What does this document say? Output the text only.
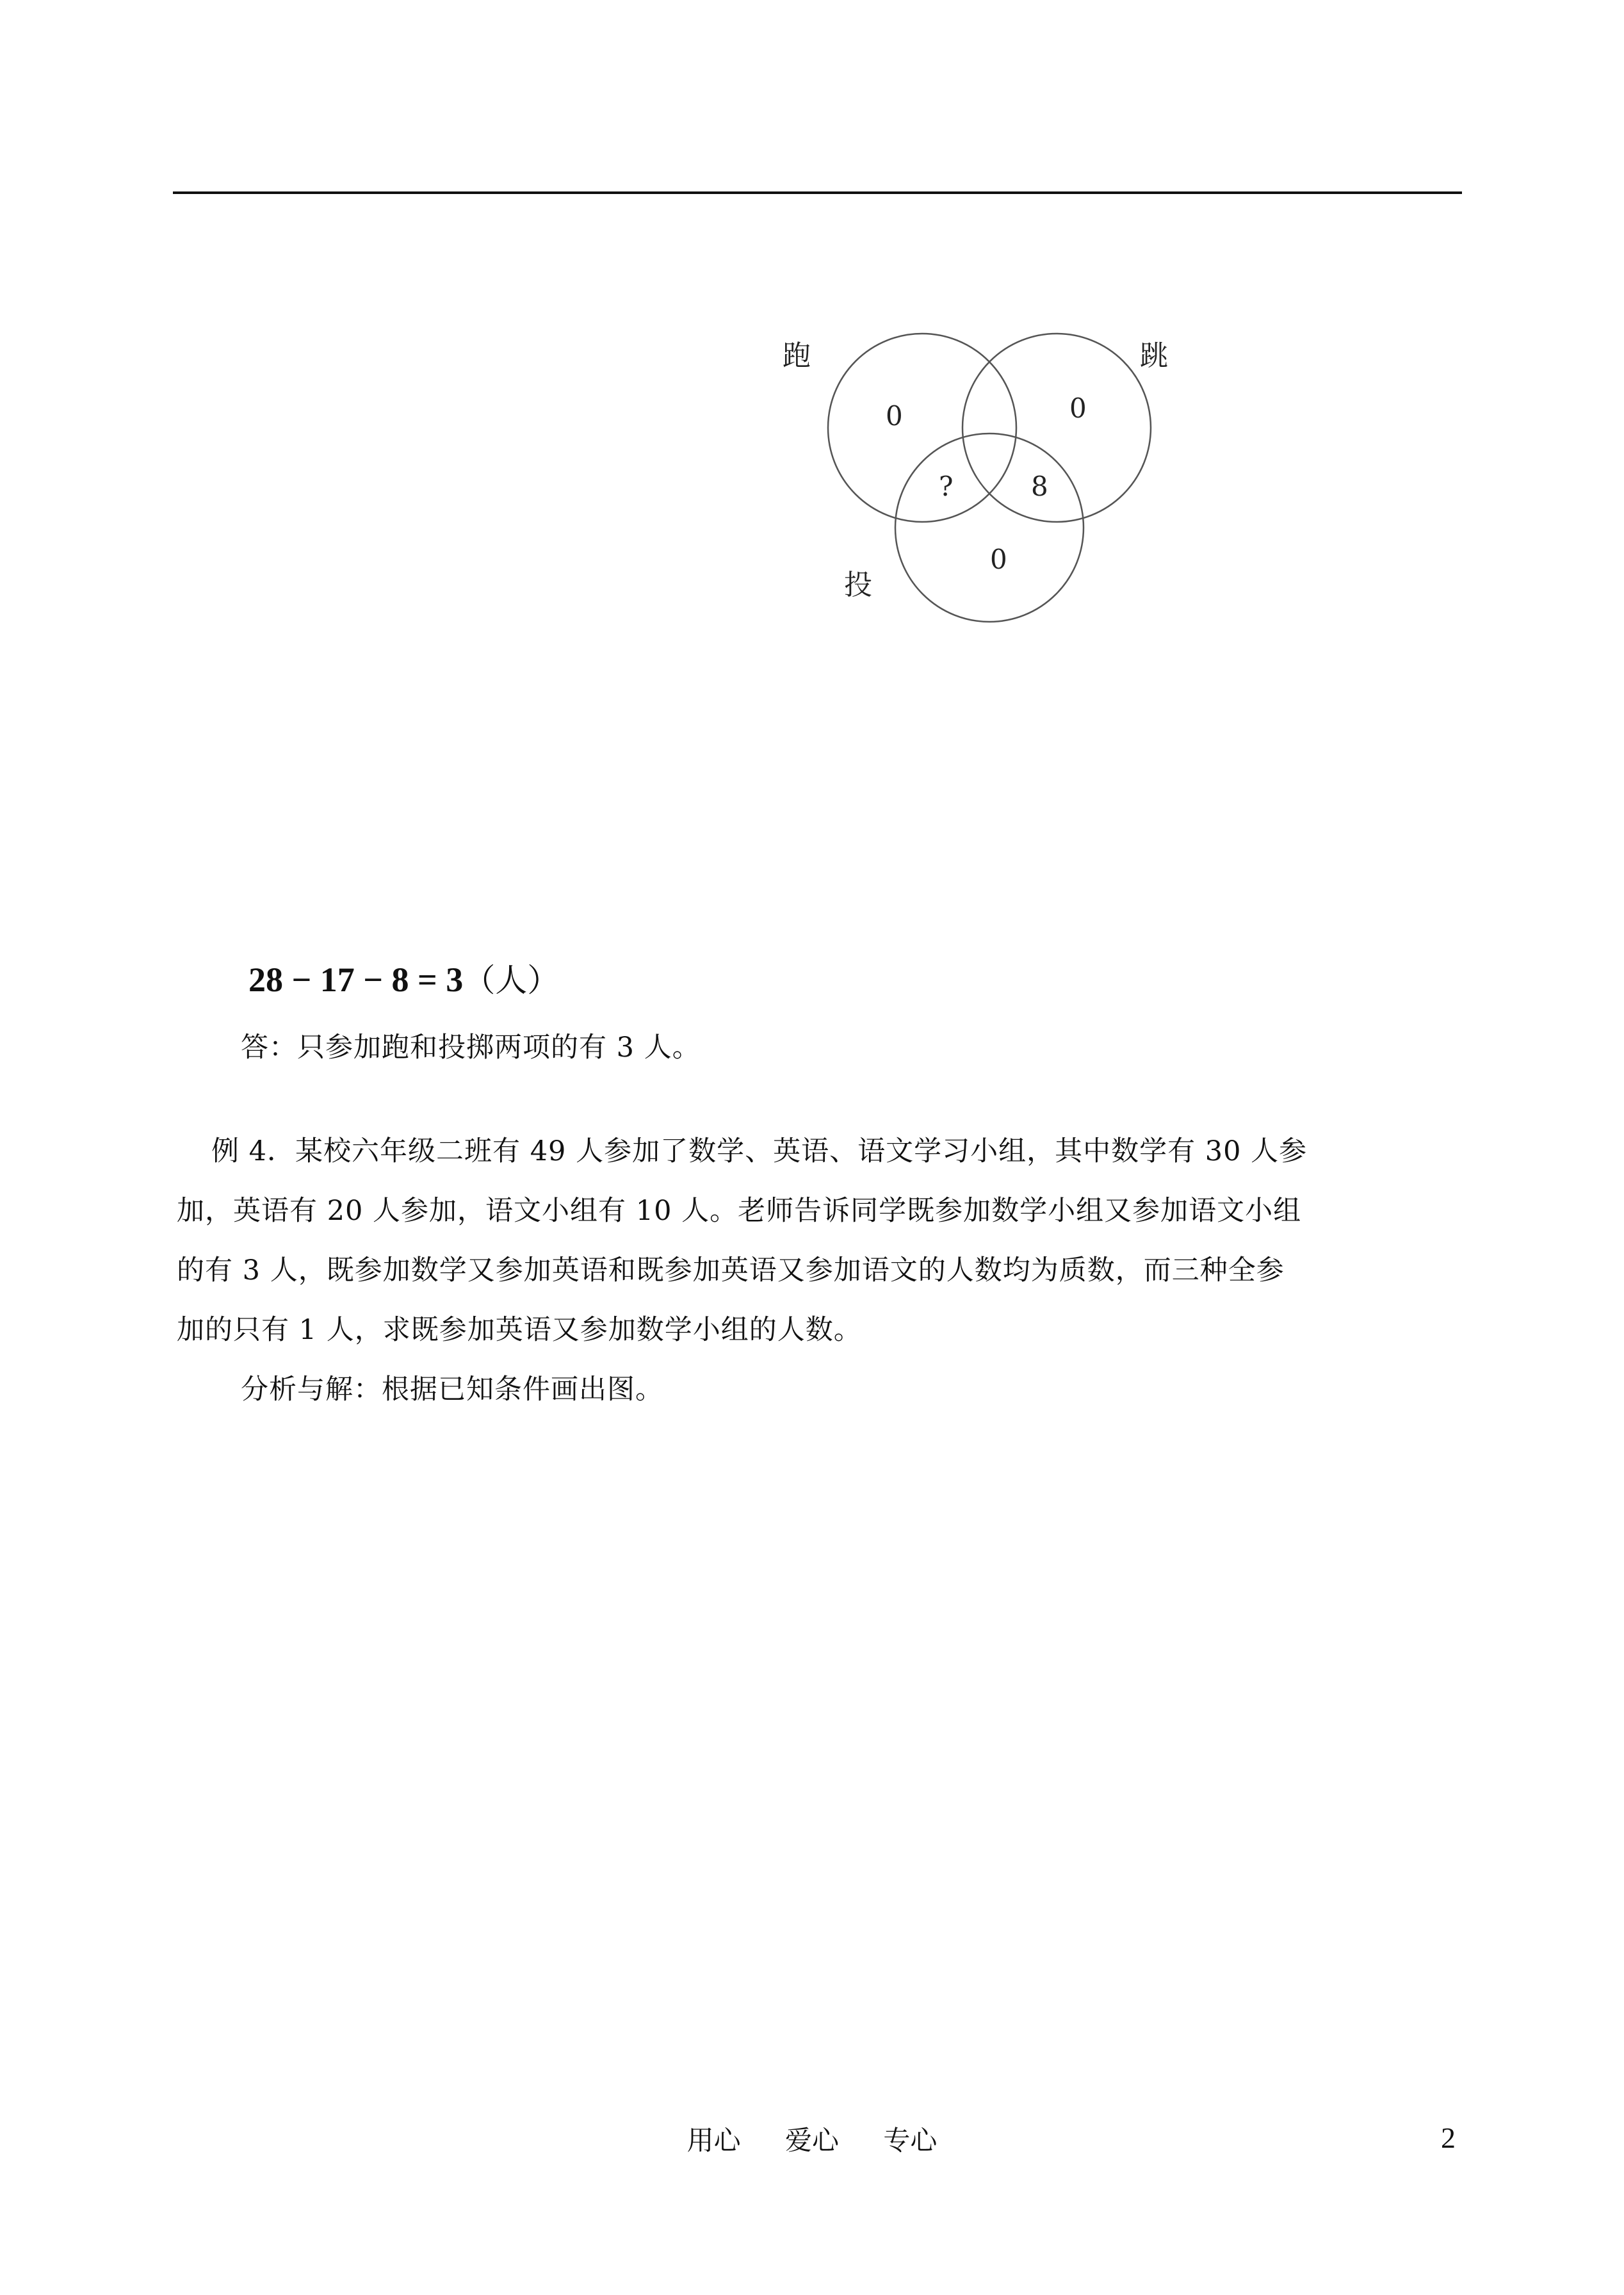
跑	跳
投
0	0
?	8
0
28 − 17 − 8 = 3（人）
答：只参加跑和投掷两项的有 3 人。
例 4．某校六年级二班有 49 人参加了数学、英语、语文学习小组，其中数学有 30 人参
加，英语有 20 人参加，语文小组有 10 人。老师告诉同学既参加数学小组又参加语文小组
的有 3 人，既参加数学又参加英语和既参加英语又参加语文的人数均为质数，而三种全参
加的只有 1 人，求既参加英语又参加数学小组的人数。
分析与解：根据已知条件画出图。
用心 爱心 专心	2
